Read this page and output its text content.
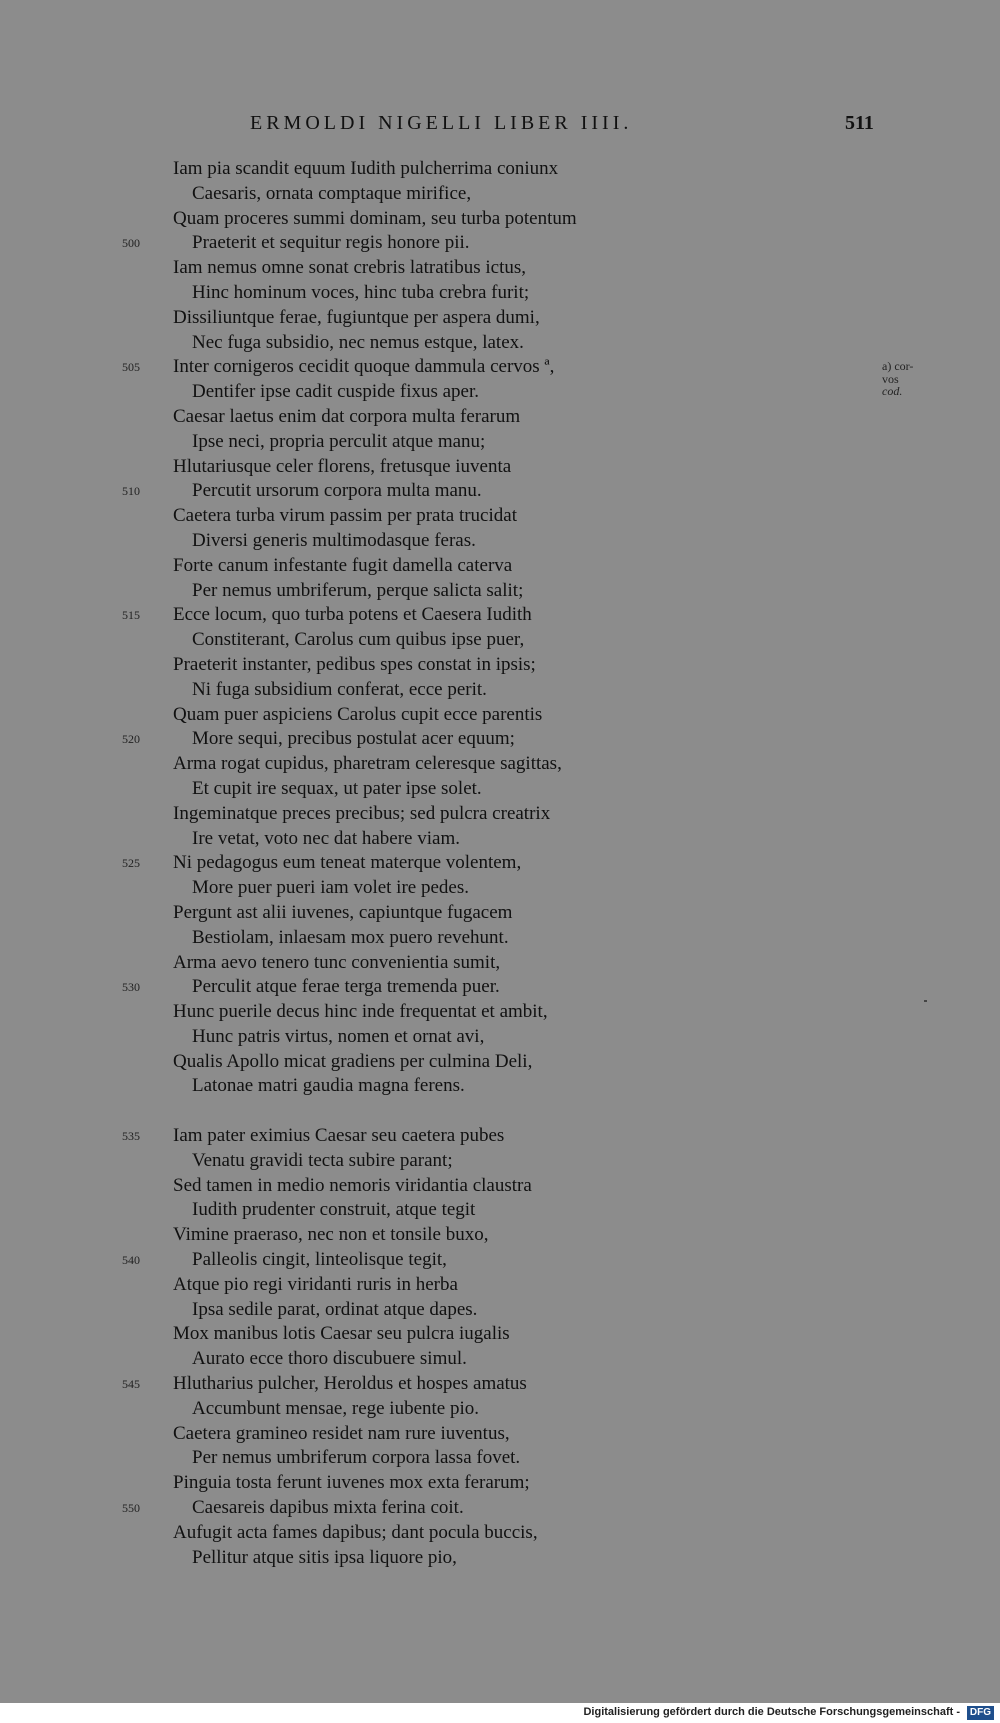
ERMOLDI NIGELLI LIBER IIII.	511
Iam pia scandit equum Iudith pulcherrima coniunx
Caesaris, ornata comptaque mirifice,
Quam proceres summi dominam, seu turba potentum
500	Praeterit et sequitur regis honore pii.
Iam nemus omne sonat crebris latratibus ictus,
Hinc hominum voces, hinc tuba crebra furit;
Dissiliuntque ferae, fugiuntque per aspera dumi,
Nec fuga subsidio, nec nemus estque, latex.
505	Inter cornigeros cecidit quoque dammula cervos ª,
Dentifer ipse cadit cuspide fixus aper.
Caesar laetus enim dat corpora multa ferarum
Ipse neci, propria perculit atque manu;
Hlutariusque celer florens, fretusque iuventa
510	Percutit ursorum corpora multa manu.
Caetera turba virum passim per prata trucidat
Diversi generis multimodasque feras.
Forte canum infestante fugit damella caterva
Per nemus umbriferum, perque salicta salit;
515	Ecce locum, quo turba potens et Caesera Iudith
Constiterant, Carolus cum quibus ipse puer,
Praeterit instanter, pedibus spes constat in ipsis;
Ni fuga subsidium conferat, ecce perit.
Quam puer aspiciens Carolus cupit ecce parentis
520	More sequi, precibus postulat acer equum;
Arma rogat cupidus, pharetram celeresque sagittas,
Et cupit ire sequax, ut pater ipse solet.
Ingeminatque preces precibus; sed pulcra creatrix
Ire vetat, voto nec dat habere viam.
525	Ni pedagogus eum teneat materque volentem,
More puer pueri iam volet ire pedes.
Pergunt ast alii iuvenes, capiuntque fugacem
Bestiolam, inlaesam mox puero revehunt.
Arma aevo tenero tunc convenientia sumit,
530	Perculit atque ferae terga tremenda puer.
Hunc puerile decus hinc inde frequentat et ambit,
Hunc patris virtus, nomen et ornat avi,
Qualis Apollo micat gradiens per culmina Deli,
Latonae matri gaudia magna ferens.
535	Iam pater eximius Caesar seu caetera pubes
Venatu gravidi tecta subire parant;
Sed tamen in medio nemoris viridantia claustra
Iudith prudenter construit, atque tegit
Vimine praeraso, nec non et tonsile buxo,
540	Palleolis cingit, linteolisque tegit,
Atque pio regi viridanti ruris in herba
Ipsa sedile parat, ordinat atque dapes.
Mox manibus lotis Caesar seu pulcra iugalis
Aurato ecce thoro discubuere simul.
545	Hlutharius pulcher, Heroldus et hospes amatus
Accumbunt mensae, rege iubente pio.
Caetera gramineo residet nam rure iuventus,
Per nemus umbriferum corpora lassa fovet.
Pinguia tosta ferunt iuvenes mox exta ferarum;
550	Caesareis dapibus mixta ferina coit.
Aufugit acta fames dapibus; dant pocula buccis,
Pellitur atque sitis ipsa liquore pio,
a) cor-
vos
cod.
Digitalisierung gefördert durch die Deutsche Forschungsgemeinschaft - DFG
